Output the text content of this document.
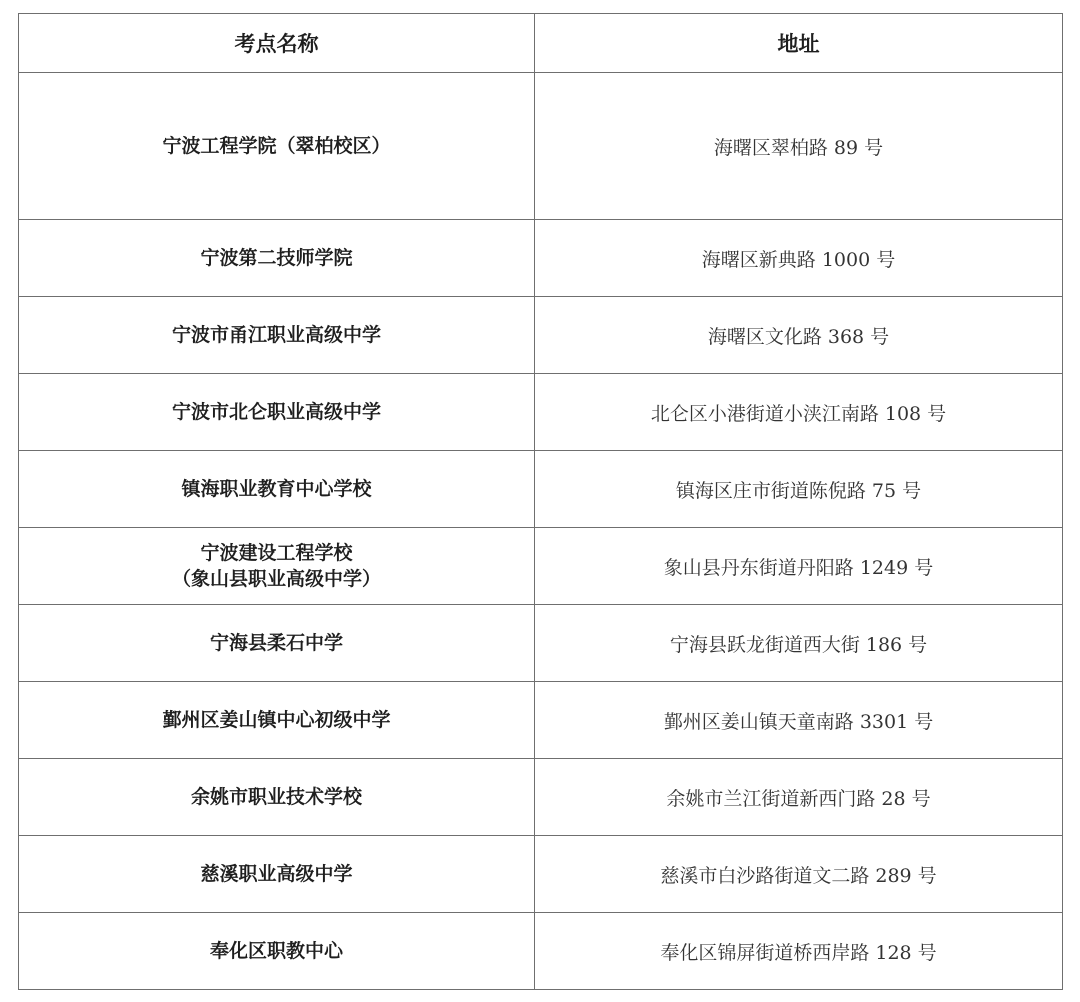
考点名称	地址

宁波工程学院（翠柏校区）	海曙区翠柏路 89 号

宁波第二技师学院	海曙区新典路 1000 号

宁波市甬江职业高级中学	海曙区文化路 368 号

宁波市北仑职业高级中学	北仑区小港街道小浃江南路 108 号

镇海职业教育中心学校	镇海区庄市街道陈倪路 75 号

宁波建设工程学校
（象山县职业高级中学）	象山县丹东街道丹阳路 1249 号

宁海县柔石中学	宁海县跃龙街道西大街 186 号

鄞州区姜山镇中心初级中学	鄞州区姜山镇天童南路 3301 号

余姚市职业技术学校	余姚市兰江街道新西门路 28 号

慈溪职业高级中学	慈溪市白沙路街道文二路 289 号

奉化区职教中心	奉化区锦屏街道桥西岸路 128 号
